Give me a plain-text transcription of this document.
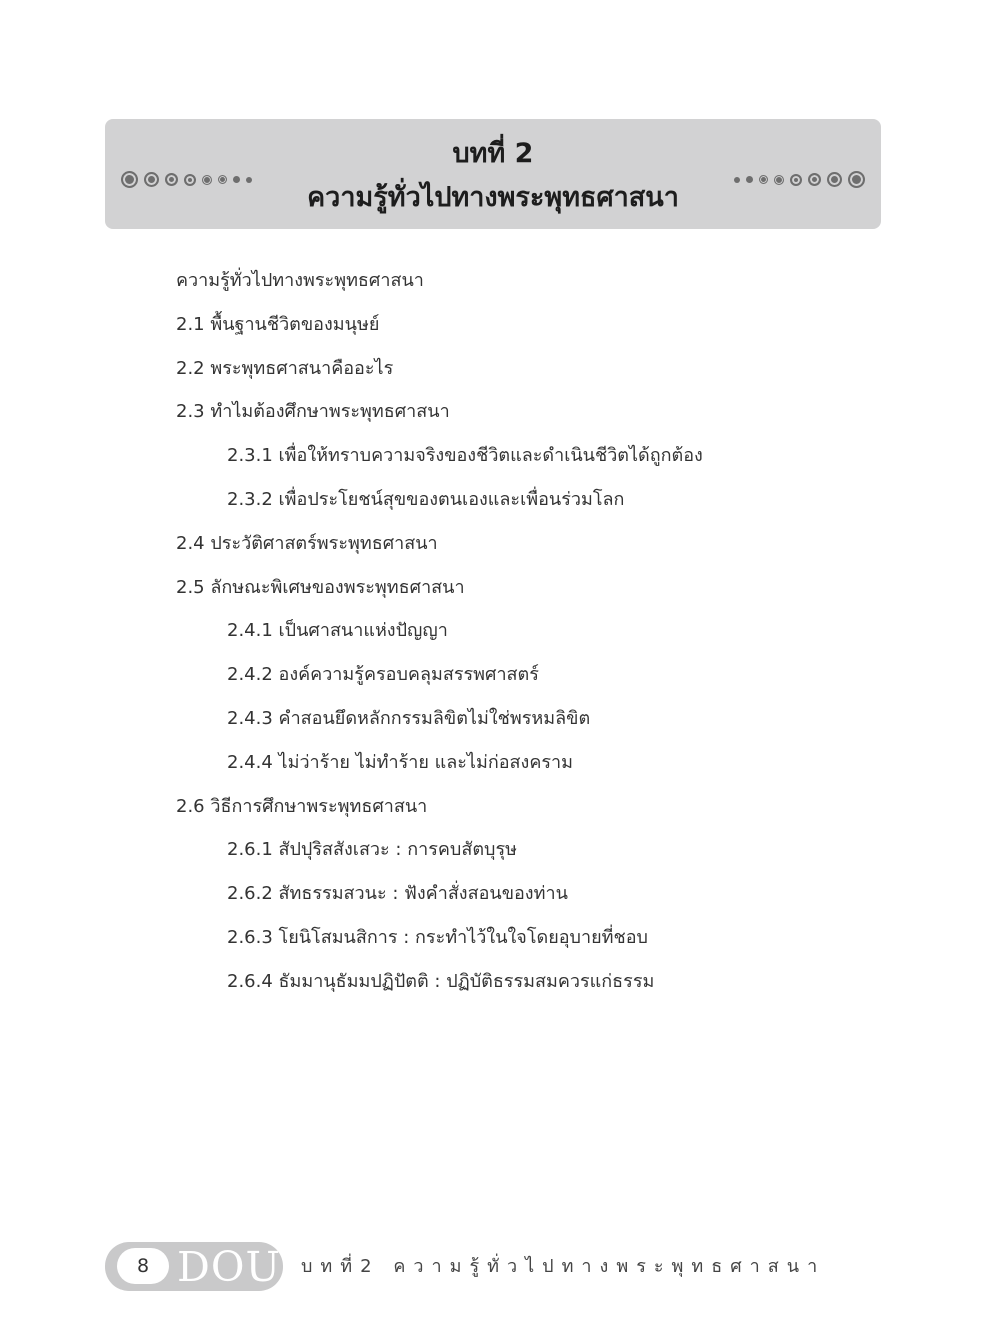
บทที่ 2
ความรู้ทั่วไปทางพระพุทธศาสนา
ความรู้ทั่วไปทางพระพุทธศาสนา
2.1 พื้นฐานชีวิตของมนุษย์
2.2 พระพุทธศาสนาคืออะไร
2.3 ทำไมต้องศึกษาพระพุทธศาสนา
2.3.1 เพื่อให้ทราบความจริงของชีวิตและดำเนินชีวิตได้ถูกต้อง
2.3.2 เพื่อประโยชน์สุขของตนเองและเพื่อนร่วมโลก
2.4 ประวัติศาสตร์พระพุทธศาสนา
2.5 ลักษณะพิเศษของพระพุทธศาสนา
2.4.1 เป็นศาสนาแห่งปัญญา
2.4.2 องค์ความรู้ครอบคลุมสรรพศาสตร์
2.4.3 คำสอนยึดหลักกรรมลิขิตไม่ใช่พรหมลิขิต
2.4.4 ไม่ว่าร้าย ไม่ทำร้าย และไม่ก่อสงคราม
2.6 วิธีการศึกษาพระพุทธศาสนา
2.6.1 สัปปุริสสังเสวะ : การคบสัตบุรุษ
2.6.2 สัทธรรมสวนะ : ฟังคำสั่งสอนของท่าน
2.6.3 โยนิโสมนสิการ : กระทำไว้ในใจโดยอุบายที่ชอบ
2.6.4 ธัมมานุธัมมปฏิปัตติ : ปฏิบัติธรรมสมควรแก่ธรรม
8 DOU บทที่2 ความรู้ทั่วไปทางพระพุทธศาสนา
